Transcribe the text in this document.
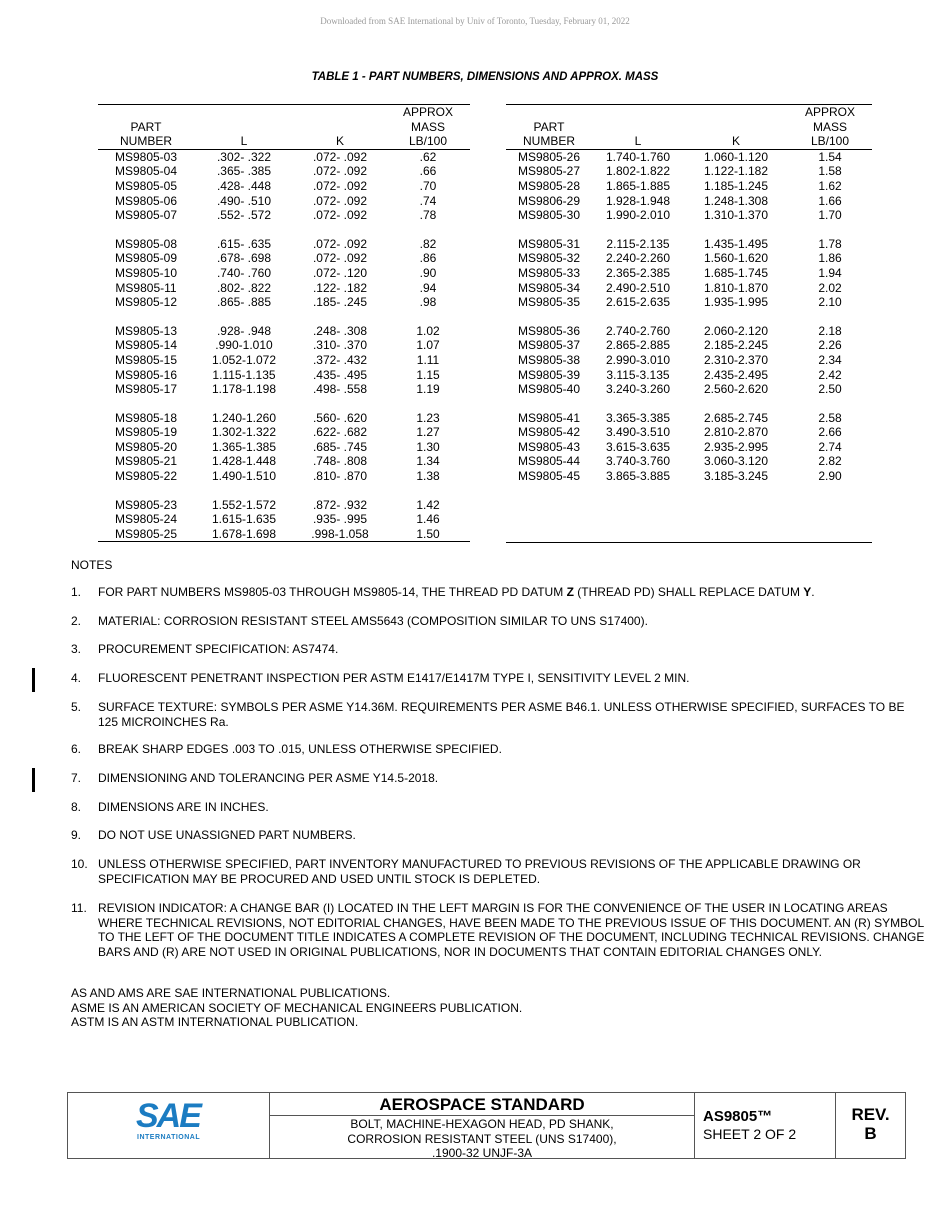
Downloaded from SAE International by Univ of Toronto, Tuesday, February 01, 2022
TABLE 1 - PART NUMBERS, DIMENSIONS AND APPROX. MASS
PART
NUMBER	L	K	APPROX
MASS
LB/100
MS9805-03	.302- .322	.072- .092	.62
MS9805-04	.365- .385	.072- .092	.66
MS9805-05	.428- .448	.072- .092	.70
MS9805-06	.490- .510	.072- .092	.74
MS9805-07	.552- .572	.072- .092	.78

MS9805-08	.615- .635	.072- .092	.82
MS9805-09	.678- .698	.072- .092	.86
MS9805-10	.740- .760	.072- .120	.90
MS9805-11	.802- .822	.122- .182	.94
MS9805-12	.865- .885	.185- .245	.98

MS9805-13	.928- .948	.248- .308	1.02
MS9805-14	.990-1.010	.310- .370	1.07
MS9805-15	1.052-1.072	.372- .432	1.11
MS9805-16	1.115-1.135	.435- .495	1.15
MS9805-17	1.178-1.198	.498- .558	1.19

MS9805-18	1.240-1.260	.560- .620	1.23
MS9805-19	1.302-1.322	.622- .682	1.27
MS9805-20	1.365-1.385	.685- .745	1.30
MS9805-21	1.428-1.448	.748- .808	1.34
MS9805-22	1.490-1.510	.810- .870	1.38

MS9805-23	1.552-1.572	.872- .932	1.42
MS9805-24	1.615-1.635	.935- .995	1.46
MS9805-25	1.678-1.698	.998-1.058	1.50
PART
NUMBER	L	K	APPROX
MASS
LB/100
MS9805-26	1.740-1.760	1.060-1.120	1.54
MS9805-27	1.802-1.822	1.122-1.182	1.58
MS9805-28	1.865-1.885	1.185-1.245	1.62
MS9806-29	1.928-1.948	1.248-1.308	1.66
MS9805-30	1.990-2.010	1.310-1.370	1.70

MS9805-31	2.115-2.135	1.435-1.495	1.78
MS9805-32	2.240-2.260	1.560-1.620	1.86
MS9805-33	2.365-2.385	1.685-1.745	1.94
MS9805-34	2.490-2.510	1.810-1.870	2.02
MS9805-35	2.615-2.635	1.935-1.995	2.10

MS9805-36	2.740-2.760	2.060-2.120	2.18
MS9805-37	2.865-2.885	2.185-2.245	2.26
MS9805-38	2.990-3.010	2.310-2.370	2.34
MS9805-39	3.115-3.135	2.435-2.495	2.42
MS9805-40	3.240-3.260	2.560-2.620	2.50

MS9805-41	3.365-3.385	2.685-2.745	2.58
MS9805-42	3.490-3.510	2.810-2.870	2.66
MS9805-43	3.615-3.635	2.935-2.995	2.74
MS9805-44	3.740-3.760	3.060-3.120	2.82
MS9805-45	3.865-3.885	3.185-3.245	2.90
NOTES
1. FOR PART NUMBERS MS9805-03 THROUGH MS9805-14, THE THREAD PD DATUM Z (THREAD PD) SHALL REPLACE DATUM Y.
2. MATERIAL: CORROSION RESISTANT STEEL AMS5643 (COMPOSITION SIMILAR TO UNS S17400).
3. PROCUREMENT SPECIFICATION: AS7474.
4. FLUORESCENT PENETRANT INSPECTION PER ASTM E1417/E1417M TYPE I, SENSITIVITY LEVEL 2 MIN.
5. SURFACE TEXTURE: SYMBOLS PER ASME Y14.36M. REQUIREMENTS PER ASME B46.1. UNLESS OTHERWISE SPECIFIED, SURFACES TO BE 125 MICROINCHES Ra.
6. BREAK SHARP EDGES .003 TO .015, UNLESS OTHERWISE SPECIFIED.
7. DIMENSIONING AND TOLERANCING PER ASME Y14.5-2018.
8. DIMENSIONS ARE IN INCHES.
9. DO NOT USE UNASSIGNED PART NUMBERS.
10. UNLESS OTHERWISE SPECIFIED, PART INVENTORY MANUFACTURED TO PREVIOUS REVISIONS OF THE APPLICABLE DRAWING OR SPECIFICATION MAY BE PROCURED AND USED UNTIL STOCK IS DEPLETED.
11. REVISION INDICATOR: A CHANGE BAR (I) LOCATED IN THE LEFT MARGIN IS FOR THE CONVENIENCE OF THE USER IN LOCATING AREAS WHERE TECHNICAL REVISIONS, NOT EDITORIAL CHANGES, HAVE BEEN MADE TO THE PREVIOUS ISSUE OF THIS DOCUMENT. AN (R) SYMBOL TO THE LEFT OF THE DOCUMENT TITLE INDICATES A COMPLETE REVISION OF THE DOCUMENT, INCLUDING TECHNICAL REVISIONS. CHANGE BARS AND (R) ARE NOT USED IN ORIGINAL PUBLICATIONS, NOR IN DOCUMENTS THAT CONTAIN EDITORIAL CHANGES ONLY.
AS AND AMS ARE SAE INTERNATIONAL PUBLICATIONS.
ASME IS AN AMERICAN SOCIETY OF MECHANICAL ENGINEERS PUBLICATION.
ASTM IS AN ASTM INTERNATIONAL PUBLICATION.
SAE
INTERNATIONAL
AEROSPACE STANDARD
BOLT, MACHINE-HEXAGON HEAD, PD SHANK,
CORROSION RESISTANT STEEL (UNS S17400),
.1900-32 UNJF-3A
AS9805™
SHEET 2 OF 2
REV.
B
